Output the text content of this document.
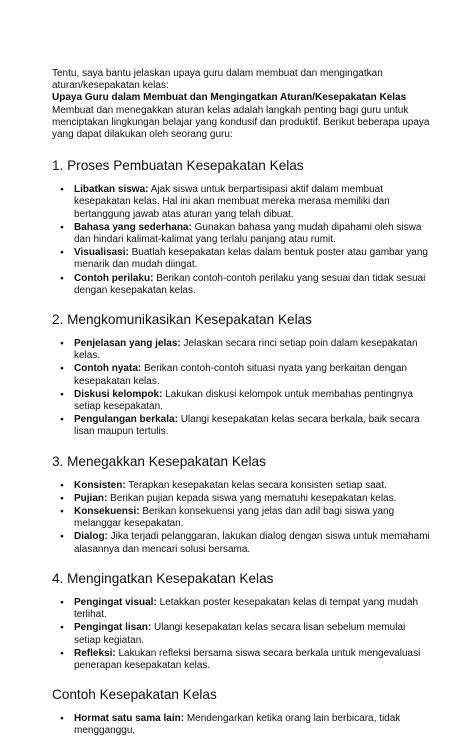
Tentu, saya bantu jelaskan upaya guru dalam membuat dan mengingatkan aturan/kesepakatan kelas:

Upaya Guru dalam Membuat dan Mengingatkan Aturan/Kesepakatan Kelas

Membuat dan menegakkan aturan kelas adalah langkah penting bagi guru untuk menciptakan lingkungan belajar yang kondusif dan produktif. Berikut beberapa upaya yang dapat dilakukan oleh seorang guru:

1. Proses Pembuatan Kesepakatan Kelas
● Libatkan siswa: Ajak siswa untuk berpartisipasi aktif dalam membuat kesepakatan kelas. Hal ini akan membuat mereka merasa memiliki dan bertanggung jawab atas aturan yang telah dibuat.
● Bahasa yang sederhana: Gunakan bahasa yang mudah dipahami oleh siswa dan hindari kalimat-kalimat yang terlalu panjang atau rumit.
● Visualisasi: Buatlah kesepakatan kelas dalam bentuk poster atau gambar yang menarik dan mudah diingat.
● Contoh perilaku: Berikan contoh-contoh perilaku yang sesuai dan tidak sesuai dengan kesepakatan kelas.
2. Mengkomunikasikan Kesepakatan Kelas
● Penjelasan yang jelas: Jelaskan secara rinci setiap poin dalam kesepakatan kelas.
● Contoh nyata: Berikan contoh-contoh situasi nyata yang berkaitan dengan kesepakatan kelas.
● Diskusi kelompok: Lakukan diskusi kelompok untuk membahas pentingnya setiap kesepakatan.
● Pengulangan berkala: Ulangi kesepakatan kelas secara berkala, baik secara lisan maupun tertulis.
3. Menegakkan Kesepakatan Kelas
● Konsisten: Terapkan kesepakatan kelas secara konsisten setiap saat.
● Pujian: Berikan pujian kepada siswa yang mematuhi kesepakatan kelas.
● Konsekuensi: Berikan konsekuensi yang jelas dan adil bagi siswa yang melanggar kesepakatan.
● Dialog: Jika terjadi pelanggaran, lakukan dialog dengan siswa untuk memahami alasannya dan mencari solusi bersama.
4. Mengingatkan Kesepakatan Kelas
● Pengingat visual: Letakkan poster kesepakatan kelas di tempat yang mudah terlihat.
● Pengingat lisan: Ulangi kesepakatan kelas secara lisan sebelum memulai setiap kegiatan.
● Refleksi: Lakukan refleksi bersama siswa secara berkala untuk mengevaluasi penerapan kesepakatan kelas.
Contoh Kesepakatan Kelas
● Hormat satu sama lain: Mendengarkan ketika orang lain berbicara, tidak mengganggu,
